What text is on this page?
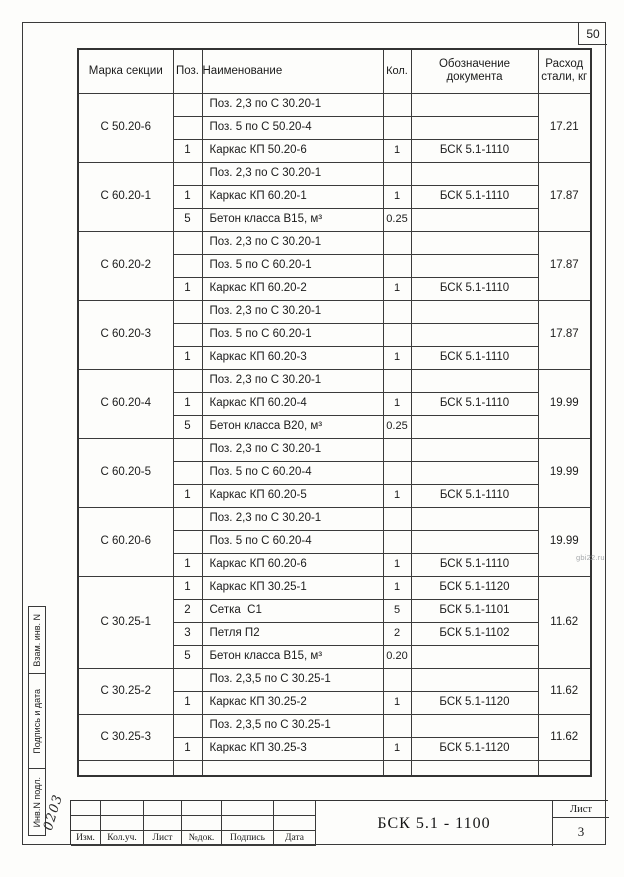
50
Марка секции	Поз.	Наименование	Кол.	Обозначение документа	Расход стали, кг
С 50.20-6		Поз. 2,3 по С 30.20-1			17.21
		Поз. 5 по С 50.20-4			
	1	Каркас КП 50.20-6	1	БСК 5.1-1110	
С 60.20-1		Поз. 2,3 по С 30.20-1			17.87
	1	Каркас КП 60.20-1	1	БСК 5.1-1110	
	5	Бетон класса В15, м³	0.25		
С 60.20-2		Поз. 2,3 по С 30.20-1			17.87
		Поз. 5 по С 60.20-1			
	1	Каркас КП 60.20-2	1	БСК 5.1-1110	
С 60.20-3		Поз. 2,3 по С 30.20-1			17.87
		Поз. 5 по С 60.20-1			
	1	Каркас КП 60.20-3	1	БСК 5.1-1110	
С 60.20-4		Поз. 2,3 по С 30.20-1			19.99
	1	Каркас КП 60.20-4	1	БСК 5.1-1110	
	5	Бетон класса В20, м³	0.25		
С 60.20-5		Поз. 2,3 по С 30.20-1			19.99
		Поз. 5 по С 60.20-4			
	1	Каркас КП 60.20-5	1	БСК 5.1-1110	
С 60.20-6		Поз. 2,3 по С 30.20-1			19.99
		Поз. 5 по С 60.20-4			
	1	Каркас КП 60.20-6	1	БСК 5.1-1110	
С 30.25-1	1	Каркас КП 30.25-1	1	БСК 5.1-1120	11.62
	2	Сетка  С1	5	БСК 5.1-1101	
	3	Петля П2	2	БСК 5.1-1102	
	5	Бетон класса В15, м³	0.20		
С 30.25-2		Поз. 2,3,5 по С 30.25-1			11.62
	1	Каркас КП 30.25-2	1	БСК 5.1-1120	
С 30.25-3		Поз. 2,3,5 по С 30.25-1			11.62
	1	Каркас КП 30.25-3	1	БСК 5.1-1120	

Взам. инв. N
Подпись и дата
Инв.N подл. 0203
Изм.	Кол.уч.	Лист	№док.	Подпись	Дата
БСК 5.1 - 1100
Лист
3
gbi22.ru
